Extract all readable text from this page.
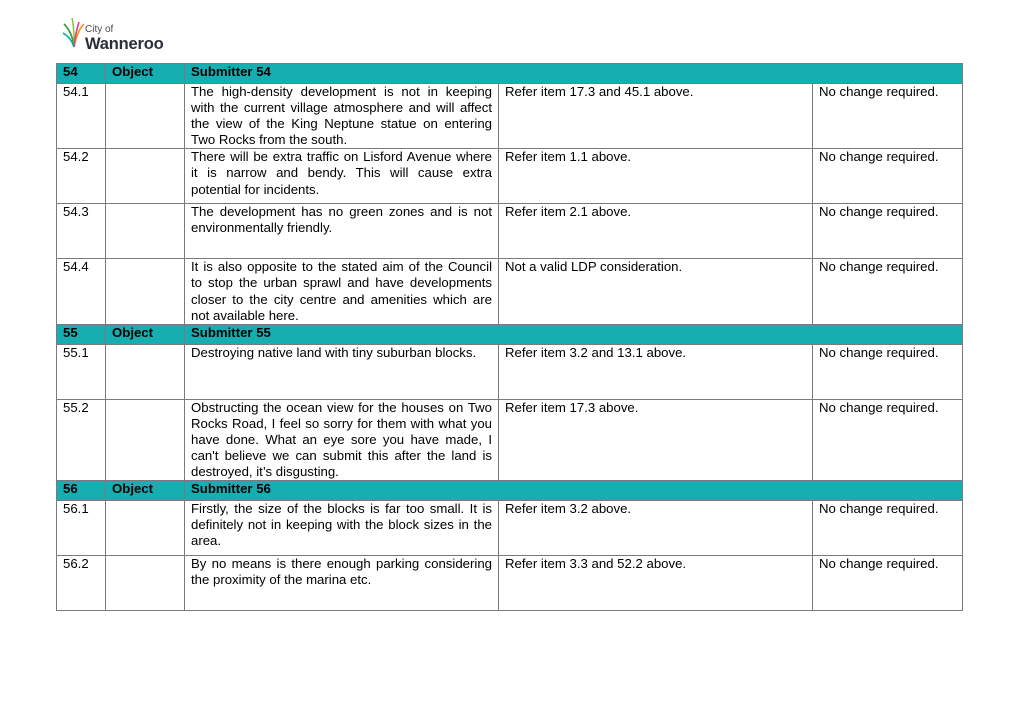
City of
Wanneroo
54	Object	Submitter 54		
54.1		The high-density development is not in keeping with the current village atmosphere and will affect the view of the King Neptune statue on entering Two Rocks from the south.	Refer item 17.3 and 45.1 above.	No change required.
54.2		There will be extra traffic on Lisford Avenue where it is narrow and bendy. This will cause extra potential for incidents.	Refer item 1.1 above.	No change required.
54.3		The development has no green zones and is not environmentally friendly.	Refer item 2.1 above.	No change required.
54.4		It is also opposite to the stated aim of the Council to stop the urban sprawl and have developments closer to the city centre and amenities which are not available here.	Not a valid LDP consideration.	No change required.
55	Object	Submitter 55		
55.1		Destroying native land with tiny suburban blocks.	Refer item 3.2 and 13.1 above.	No change required.
55.2		Obstructing the ocean view for the houses on Two Rocks Road, I feel so sorry for them with what you have done. What an eye sore you have made, I can't believe we can submit this after the land is destroyed, it’s disgusting.	Refer item 17.3 above.	No change required.
56	Object	Submitter 56		
56.1		Firstly, the size of the blocks is far too small. It is definitely not in keeping with the block sizes in the area.	Refer item 3.2 above.	No change required.
56.2		By no means is there enough parking considering the proximity of the marina etc.	Refer item 3.3 and 52.2 above.	No change required.
